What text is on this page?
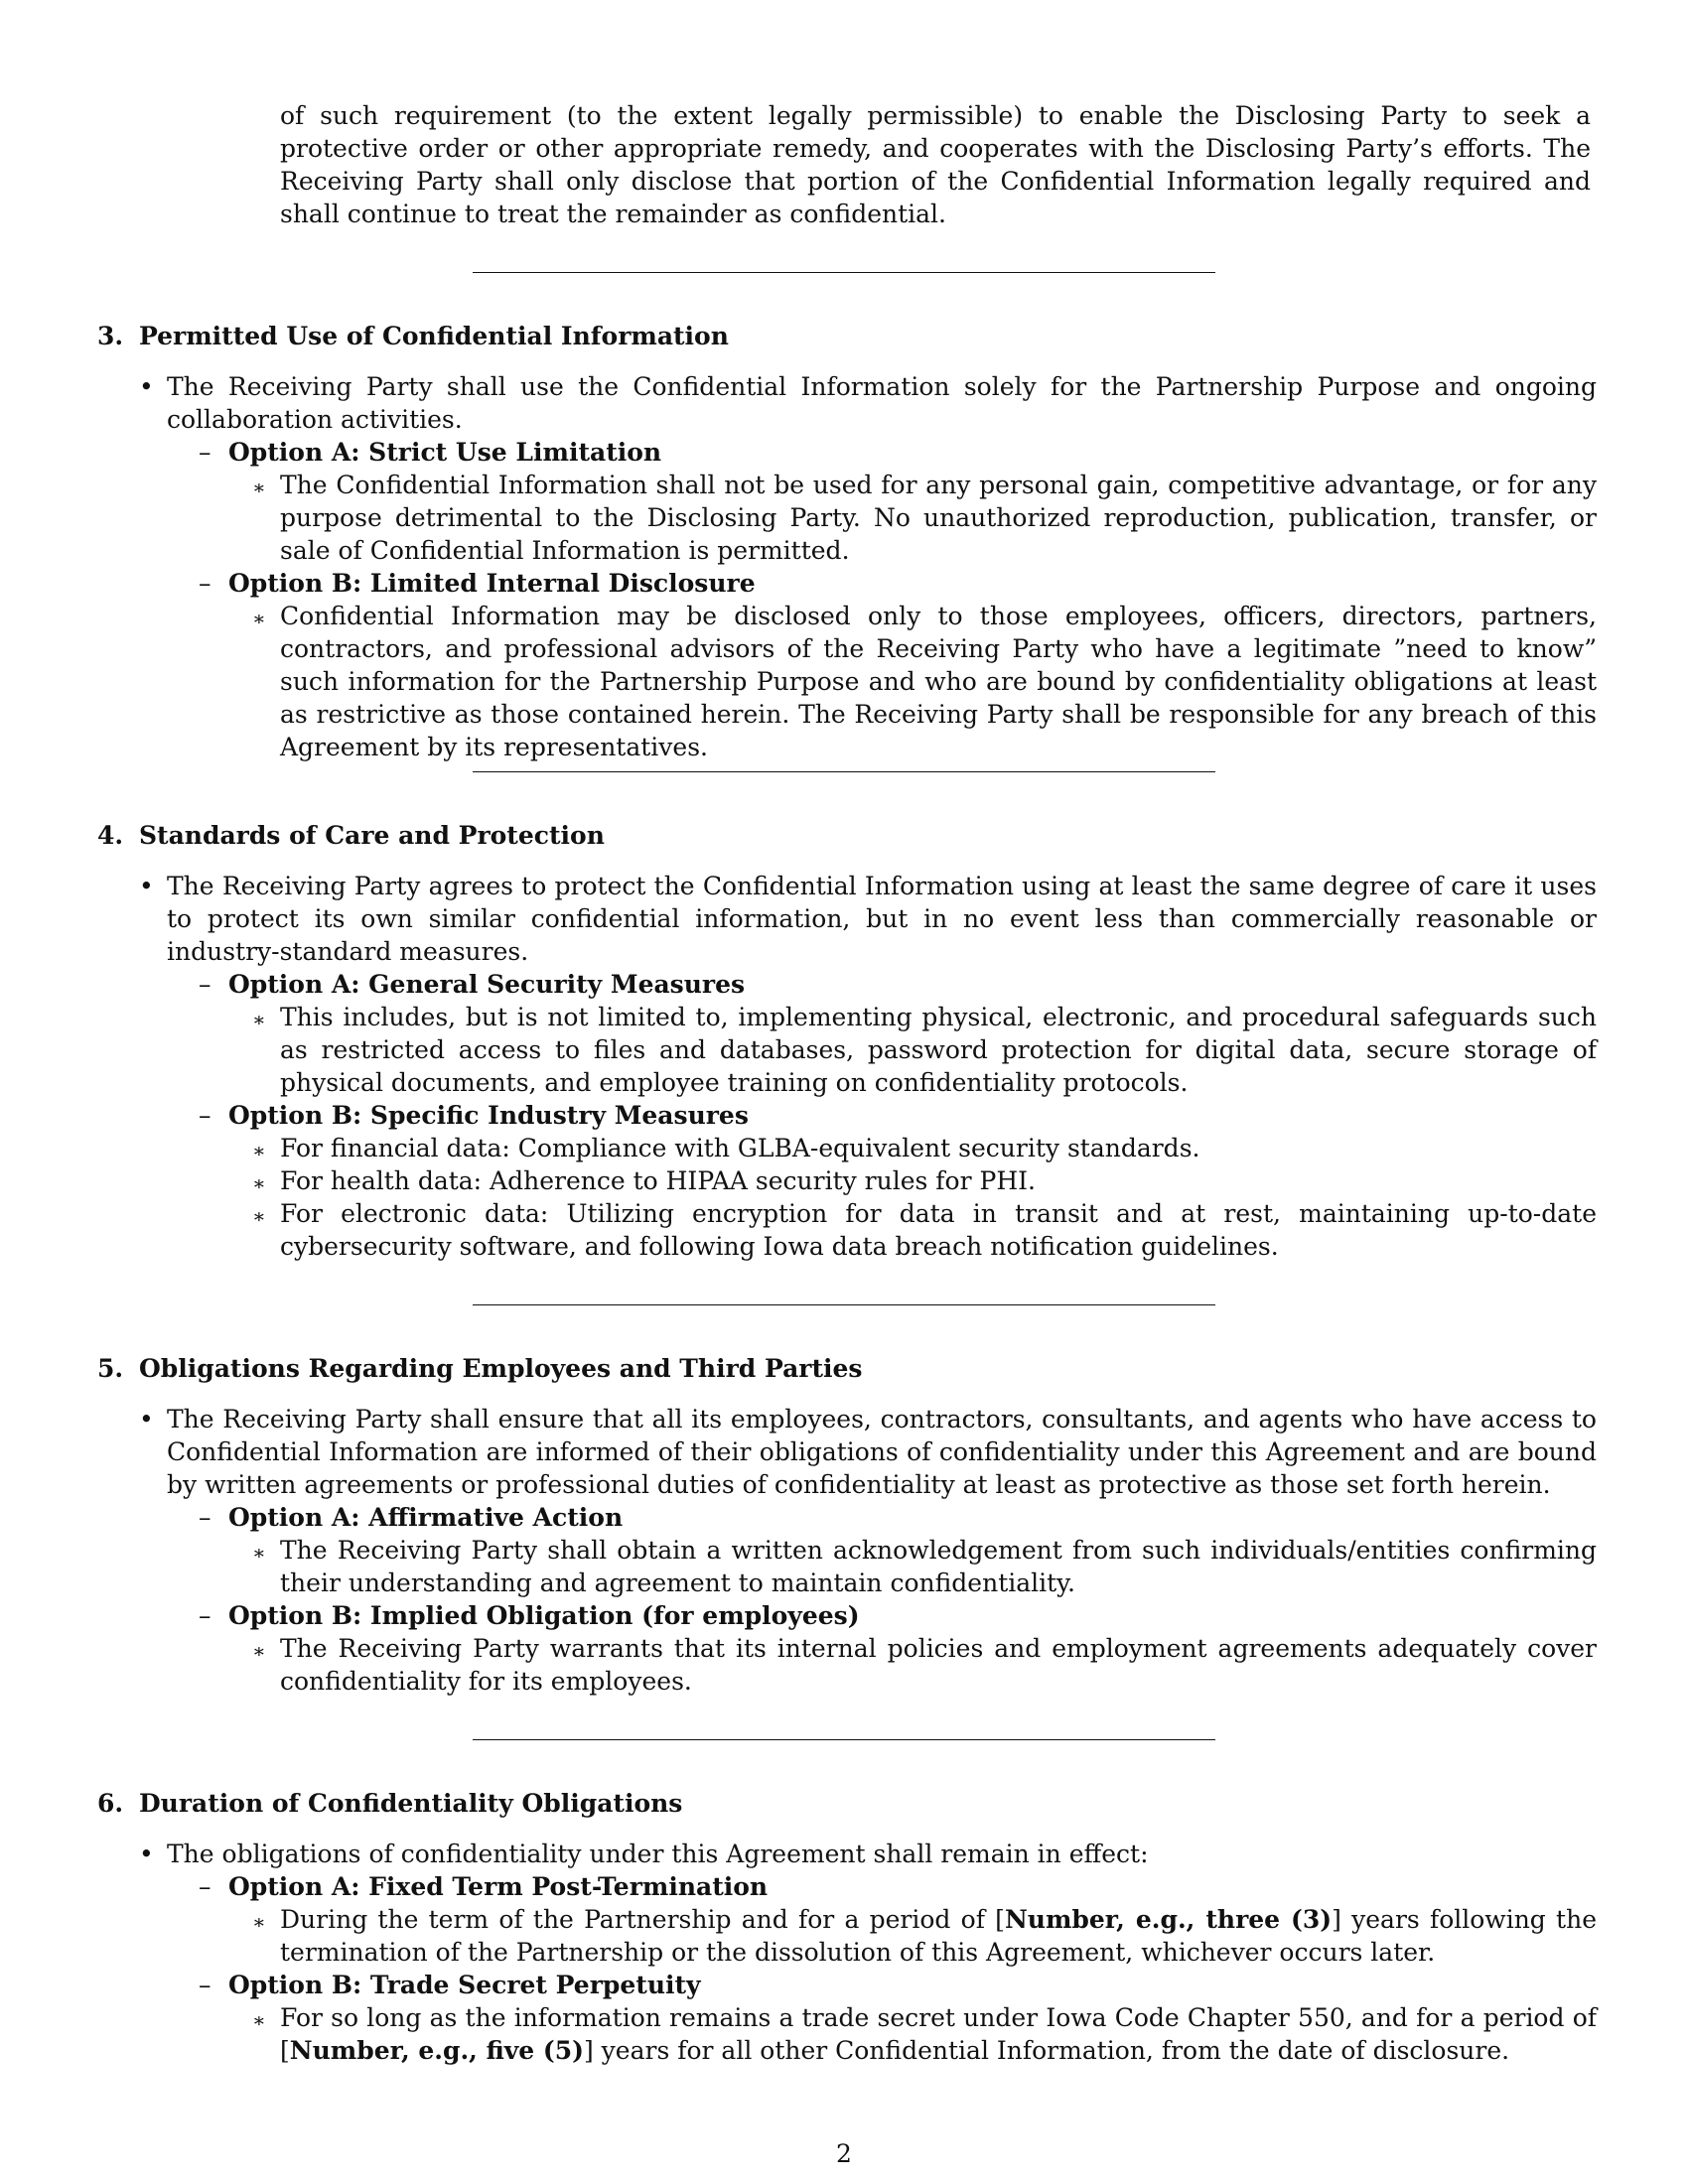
of such requirement (to the extent legally permissible) to enable the Disclosing Party to seek a protective order or other appropriate remedy, and cooperates with the Disclosing Party’s efforts. The Receiving Party shall only disclose that portion of the Confidential Information legally required and shall continue to treat the remainder as confidential.

3. Permitted Use of Confidential Information

• The Receiving Party shall use the Confidential Information solely for the Partnership Purpose and ongoing collaboration activities.
– Option A: Strict Use Limitation
∗ The Confidential Information shall not be used for any personal gain, competitive advantage, or for any purpose detrimental to the Disclosing Party. No unauthorized reproduction, publication, transfer, or sale of Confidential Information is permitted.
– Option B: Limited Internal Disclosure
∗ Confidential Information may be disclosed only to those employees, officers, directors, partners, contractors, and professional advisors of the Receiving Party who have a legitimate ”need to know” such information for the Partnership Purpose and who are bound by confidentiality obligations at least as restrictive as those contained herein. The Receiving Party shall be responsible for any breach of this Agreement by its representatives.

4. Standards of Care and Protection

• The Receiving Party agrees to protect the Confidential Information using at least the same degree of care it uses to protect its own similar confidential information, but in no event less than commercially reasonable or industry-standard measures.
– Option A: General Security Measures
∗ This includes, but is not limited to, implementing physical, electronic, and procedural safeguards such as restricted access to files and databases, password protection for digital data, secure storage of physical documents, and employee training on confidentiality protocols.
– Option B: Specific Industry Measures
∗ For financial data: Compliance with GLBA-equivalent security standards.
∗ For health data: Adherence to HIPAA security rules for PHI.
∗ For electronic data: Utilizing encryption for data in transit and at rest, maintaining up-to-date cybersecurity software, and following Iowa data breach notification guidelines.

5. Obligations Regarding Employees and Third Parties

• The Receiving Party shall ensure that all its employees, contractors, consultants, and agents who have access to Confidential Information are informed of their obligations of confidentiality under this Agreement and are bound by written agreements or professional duties of confidentiality at least as protective as those set forth herein.
– Option A: Affirmative Action
∗ The Receiving Party shall obtain a written acknowledgement from such individuals/entities confirming their understanding and agreement to maintain confidentiality.
– Option B: Implied Obligation (for employees)
∗ The Receiving Party warrants that its internal policies and employment agreements adequately cover confidentiality for its employees.

6. Duration of Confidentiality Obligations

• The obligations of confidentiality under this Agreement shall remain in effect:
– Option A: Fixed Term Post-Termination
∗ During the term of the Partnership and for a period of [Number, e.g., three (3)] years following the termination of the Partnership or the dissolution of this Agreement, whichever occurs later.
– Option B: Trade Secret Perpetuity
∗ For so long as the information remains a trade secret under Iowa Code Chapter 550, and for a period of [Number, e.g., five (5)] years for all other Confidential Information, from the date of disclosure.
2
